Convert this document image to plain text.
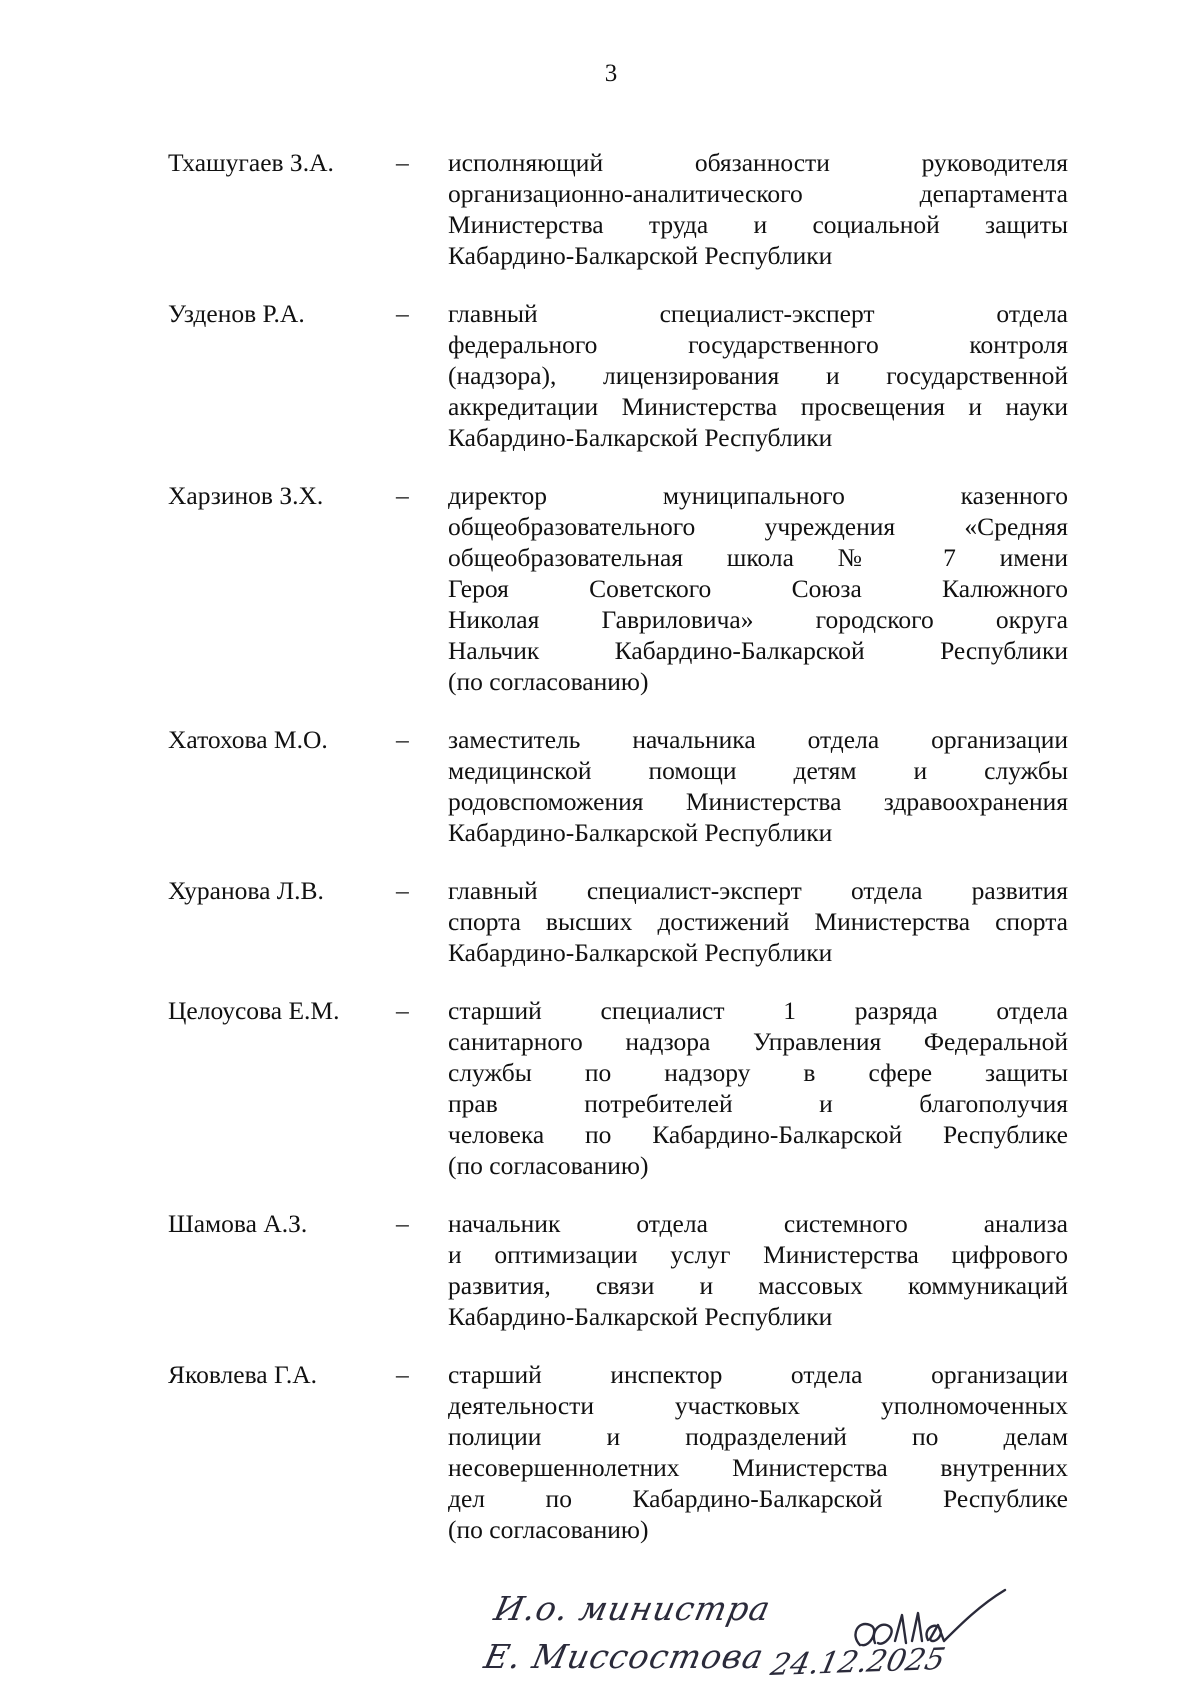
3
Тхашугаев З.А. – исполняющий обязанности руководителя
организационно-аналитического департамента
Министерства труда и социальной защиты
Кабардино-Балкарской Республики
Узденов Р.А.	– главный специалист-эксперт отдела
федерального государственного контроля
(надзора), лицензирования и государственной
аккредитации Министерства просвещения и науки
Кабардино-Балкарской Республики
Харзинов З.Х.	– директор муниципального казенного
общеобразовательного учреждения «Средняя
общеобразовательная школа № 7 имени
Героя Советского Союза Калюжного
Николая Гавриловича» городского округа
Нальчик Кабардино-Балкарской Республики
(по согласованию)
Хатохова М.О.	– заместитель начальника отдела организации
медицинской помощи детям и службы
родовспоможения Министерства здравоохранения
Кабардино-Балкарской Республики
Хуранова Л.В.	– главный специалист-эксперт отдела развития
спорта высших достижений Министерства спорта
Кабардино-Балкарской Республики
Целоусова Е.М. – старший специалист 1 разряда отдела
санитарного надзора Управления Федеральной
службы по надзору в сфере защиты
прав потребителей и благополучия
человека по Кабардино-Балкарской Республике
(по согласованию)
Шамова А.З.	– начальник отдела системного анализа
и оптимизации услуг Министерства цифрового
развития, связи и массовых коммуникаций
Кабардино-Балкарской Республики
Яковлева Г.А.	– старший инспектор отдела организации
деятельности участковых уполномоченных
полиции и подразделений по делам
несовершеннолетних Министерства внутренних
дел по Кабардино-Балкарской Республике
(по согласованию)
И.о. министра
Е. Миссостова 24.12.2025
